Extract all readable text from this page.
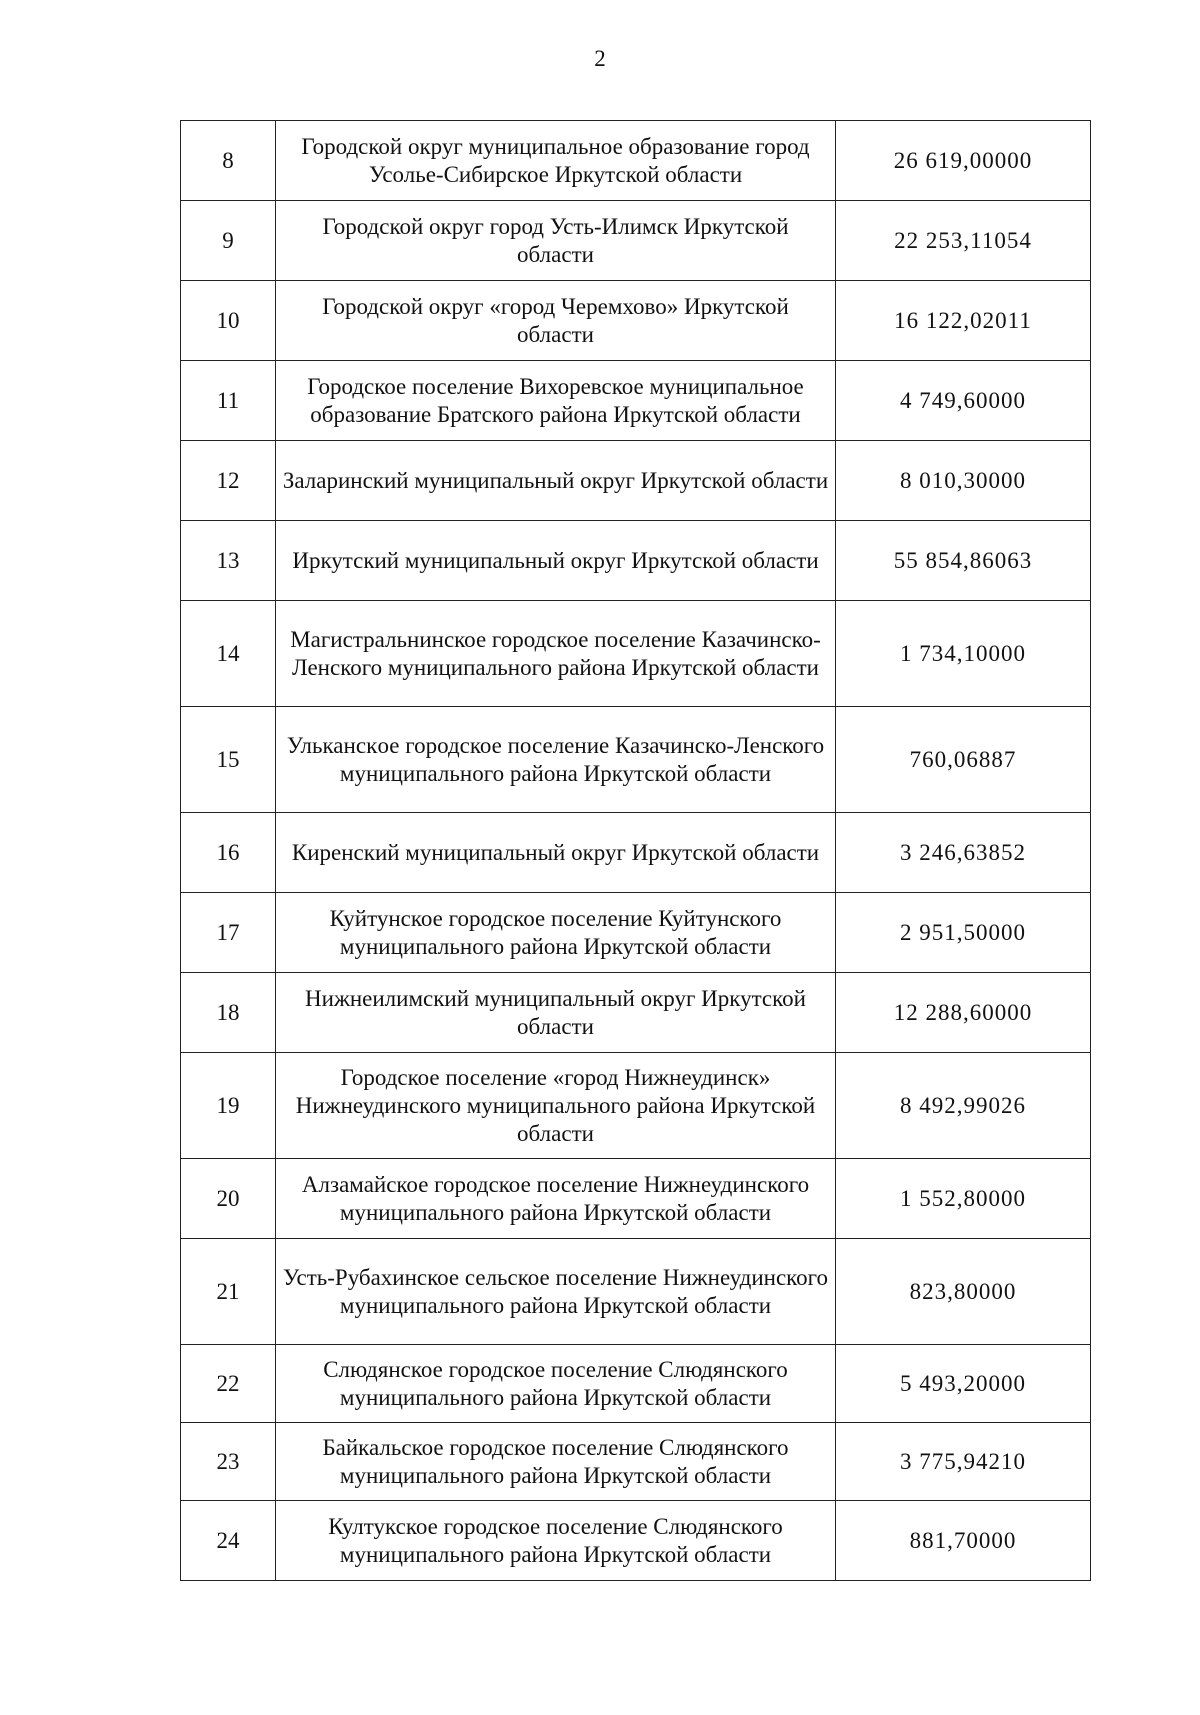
2
8	Городской округ муниципальное образование город Усолье-Сибирское Иркутской области	26 619,00000
9	Городской округ город Усть-Илимск Иркутской области	22 253,11054
10	Городской округ «город Черемхово» Иркутской области	16 122,02011
11	Городское поселение Вихоревское муниципальное образование Братского района Иркутской области	4 749,60000
12	Заларинский муниципальный округ Иркутской области	8 010,30000
13	Иркутский муниципальный округ Иркутской области	55 854,86063
14	Магистральнинское городское поселение Казачинско-Ленского муниципального района Иркутской области	1 734,10000
15	Улькансĸое городское поселение Казачинско-Ленского муниципального района Иркутской области	760,06887
16	Киренский муниципальный округ Иркутской области	3 246,63852
17	Куйтунское городское поселение Куйтунского муниципального района Иркутской области	2 951,50000
18	Нижнеилимский муниципальный округ Иркутской области	12 288,60000
19	Городское поселение «город Нижнеудинск» Нижнеудинского муниципального района Иркутской области	8 492,99026
20	Алзамайское городское поселение Нижнеудинского муниципального района Иркутской области	1 552,80000
21	Усть-Рубахинское сельское поселение Нижнеудинского муниципального района Иркутской области	823,80000
22	Слюдянское городское поселение Слюдянского муниципального района Иркутской области	5 493,20000
23	Байкальское городское поселение Слюдянского муниципального района Иркутской области	3 775,94210
24	Култукское городское поселение Слюдянского муниципального района Иркутской области	881,70000
